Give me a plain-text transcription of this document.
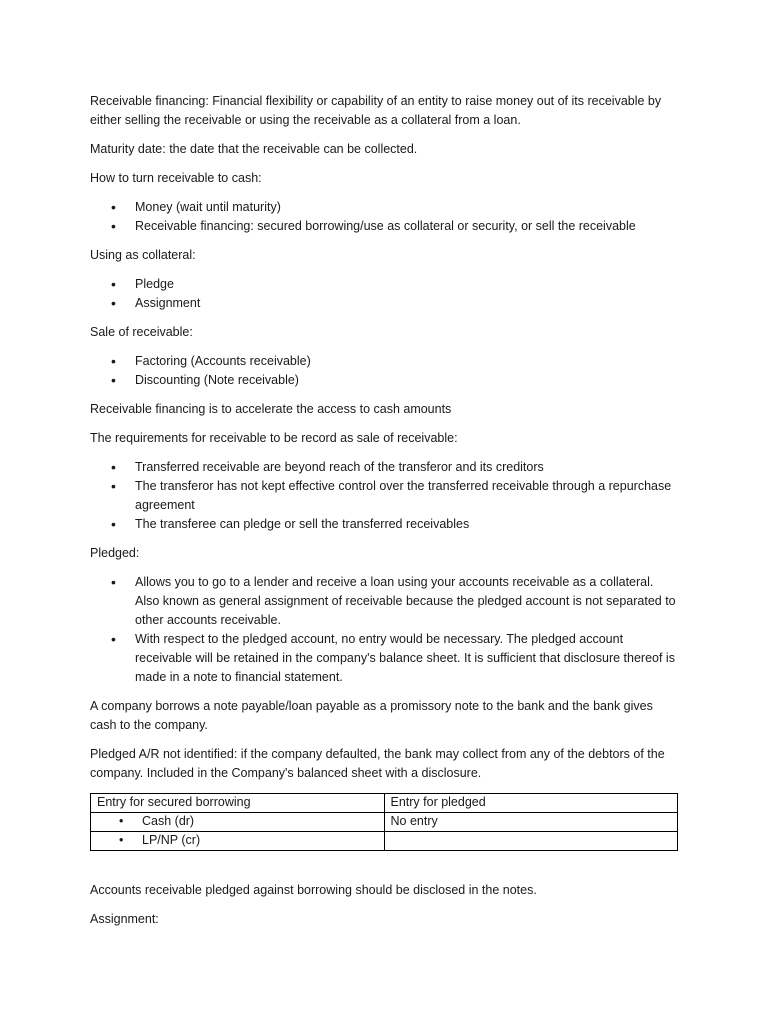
Receivable financing: Financial flexibility or capability of an entity to raise money out of its receivable by either selling the receivable or using the receivable as a collateral from a loan.

Maturity date: the date that the receivable can be collected.

How to turn receivable to cash:

• Money (wait until maturity)
• Receivable financing: secured borrowing/use as collateral or security, or sell the receivable

Using as collateral:

• Pledge
• Assignment

Sale of receivable:

• Factoring (Accounts receivable)
• Discounting (Note receivable)

Receivable financing is to accelerate the access to cash amounts

The requirements for receivable to be record as sale of receivable:

• Transferred receivable are beyond reach of the transferor and its creditors
• The transferor has not kept effective control over the transferred receivable through a repurchase agreement
• The transferee can pledge or sell the transferred receivables

Pledged:

• Allows you to go to a lender and receive a loan using your accounts receivable as a collateral. Also known as general assignment of receivable because the pledged account is not separated to other accounts receivable.
• With respect to the pledged account, no entry would be necessary. The pledged account receivable will be retained in the company's balance sheet. It is sufficient that disclosure thereof is made in a note to financial statement.

A company borrows a note payable/loan payable as a promissory note to the bank and the bank gives cash to the company.

Pledged A/R not identified: if the company defaulted, the bank may collect from any of the debtors of the company. Included in the Company's balanced sheet with a disclosure.

Entry for secured borrowing	Entry for pledged

• Cash (dr)	No entry

• LP/NP (cr)

Accounts receivable pledged against borrowing should be disclosed in the notes.

Assignment:
